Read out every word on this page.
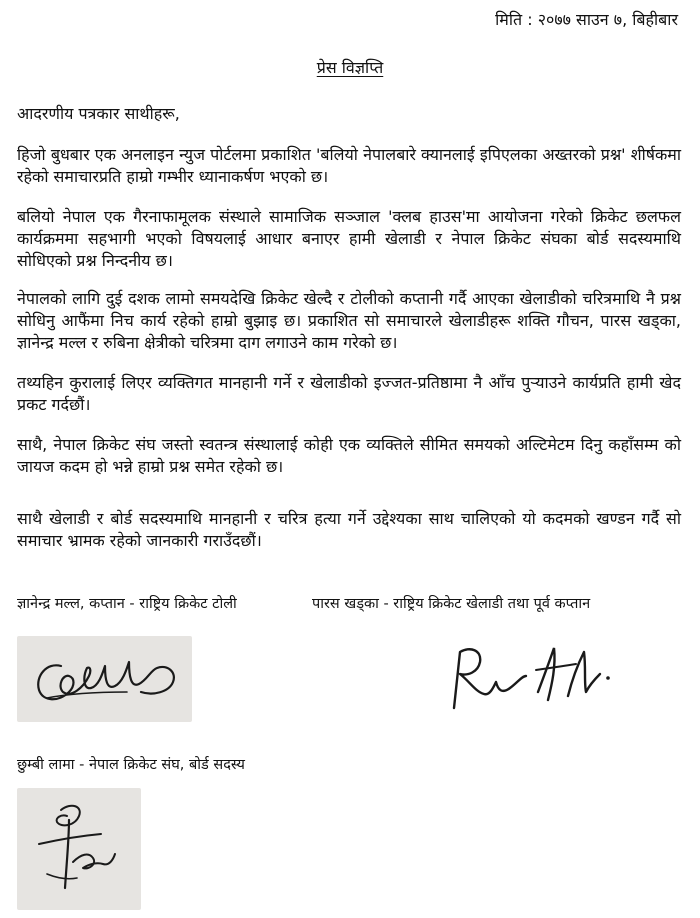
मिति : २०७७ साउन ७, बिहीबार
प्रेस विज्ञप्ति
आदरणीय पत्रकार साथीहरू,

हिजो बुधबार एक अनलाइन न्युज पोर्टलमा प्रकाशित 'बलियो नेपालबारे क्यानलाई इपिएलका अख्तरको प्रश्न' शीर्षकमा रहेको समाचारप्रति हाम्रो गम्भीर ध्यानाकर्षण भएको छ।

बलियो नेपाल एक गैरनाफामूलक संस्थाले सामाजिक सञ्जाल 'क्लब हाउस'मा आयोजना गरेको क्रिकेट छलफल कार्यक्रममा सहभागी भएको विषयलाई आधार बनाएर हामी खेलाडी र नेपाल क्रिकेट संघका बोर्ड सदस्यमाथि सोधिएको प्रश्न निन्दनीय छ।

नेपालको लागि दुई दशक लामो समयदेखि क्रिकेट खेल्दै र टोलीको कप्तानी गर्दै आएका खेलाडीको चरित्रमाथि नै प्रश्न सोधिनु आफैंमा निच कार्य रहेको हाम्रो बुझाइ छ। प्रकाशित सो समाचारले खेलाडीहरू शक्ति गौचन, पारस खड्का, ज्ञानेन्द्र मल्ल र रुबिना क्षेत्रीको चरित्रमा दाग लगाउने काम गरेको छ।

तथ्यहिन कुरालाई लिएर व्यक्तिगत मानहानी गर्ने र खेलाडीको इज्जत-प्रतिष्ठामा नै आँच पुर्‍याउने कार्यप्रति हामी खेद प्रकट गर्दछौं।

साथै, नेपाल क्रिकेट संघ जस्तो स्वतन्त्र संस्थालाई कोही एक व्यक्तिले सीमित समयको अल्टिमेटम दिनु कहाँसम्म को जायज कदम हो भन्ने हाम्रो प्रश्न समेत रहेको छ।

साथै खेलाडी र बोर्ड सदस्यमाथि मानहानी र चरित्र हत्या गर्ने उद्देश्यका साथ चालिएको यो कदमको खण्डन गर्दै सो समाचार भ्रामक रहेको जानकारी गराउँदछौं।

ज्ञानेन्द्र मल्ल, कप्तान - राष्ट्रिय क्रिकेट टोली	पारस खड्का - राष्ट्रिय क्रिकेट खेलाडी तथा पूर्व कप्तान
छुम्बी लामा - नेपाल क्रिकेट संघ, बोर्ड सदस्य
